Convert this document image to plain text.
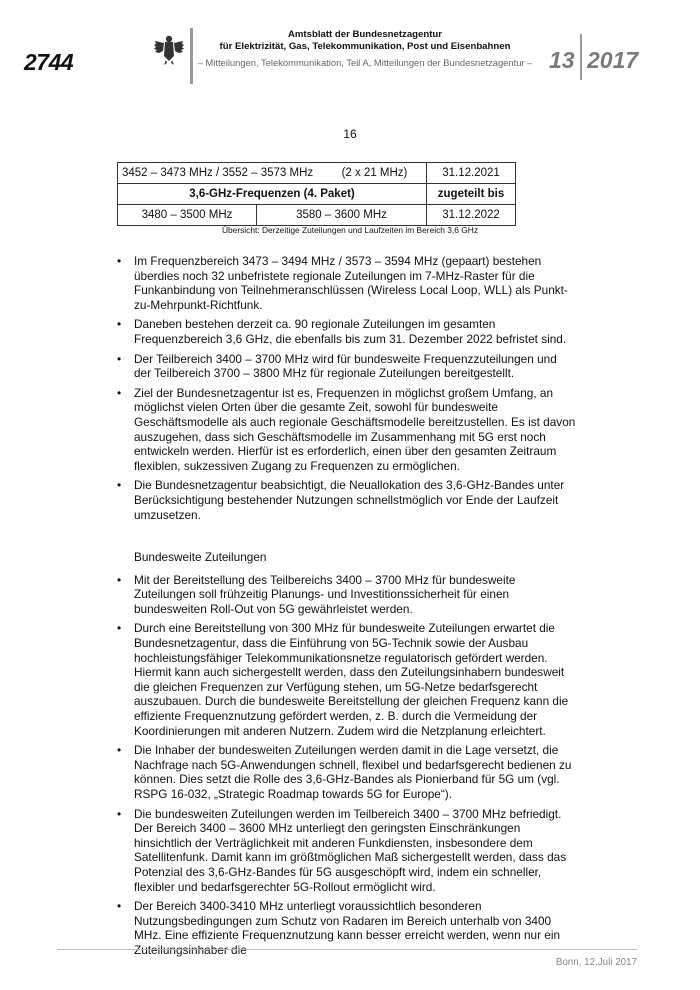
2744
Amtsblatt der Bundesnetzagentur
für Elektrizität, Gas, Telekommunikation, Post und Eisenbahnen
– Mitteilungen, Telekommunikation, Teil A, Mitteilungen der Bundesnetzagentur – 13 2017
16
3452 – 3473 MHz / 3552 – 3573 MHz (2 x 21 MHz)		31.12.2021
3,6-GHz-Frequenzen (4. Paket)		zugeteilt bis
3480 – 3500 MHz	3580 – 3600 MHz	31.12.2022
Übersicht: Derzeitige Zuteilungen und Laufzeiten im Bereich 3,6 GHz
• Im Frequenzbereich 3473 – 3494 MHz / 3573 – 3594 MHz (gepaart) bestehen überdies noch 32 unbefristete regionale Zuteilungen im 7-MHz-Raster für die Funkanbindung von Teilnehmeranschlüssen (Wireless Local Loop, WLL) als Punkt-zu-Mehrpunkt-Richtfunk.
• Daneben bestehen derzeit ca. 90 regionale Zuteilungen im gesamten Frequenzbereich 3,6 GHz, die ebenfalls bis zum 31. Dezember 2022 befristet sind.
• Der Teilbereich 3400 – 3700 MHz wird für bundesweite Frequenzzuteilungen und der Teilbereich 3700 – 3800 MHz für regionale Zuteilungen bereitgestellt.
• Ziel der Bundesnetzagentur ist es, Frequenzen in möglichst großem Umfang, an möglichst vielen Orten über die gesamte Zeit, sowohl für bundesweite Geschäftsmodelle als auch regionale Geschäftsmodelle bereitzustellen. Es ist davon auszugehen, dass sich Geschäftsmodelle im Zusammenhang mit 5G erst noch entwickeln werden. Hierfür ist es erforderlich, einen über den gesamten Zeitraum flexiblen, sukzessiven Zugang zu Frequenzen zu ermöglichen.
• Die Bundesnetzagentur beabsichtigt, die Neuallokation des 3,6-GHz-Bandes unter Berücksichtigung bestehender Nutzungen schnellstmöglich vor Ende der Laufzeit umzusetzen.
Bundesweite Zuteilungen
• Mit der Bereitstellung des Teilbereichs 3400 – 3700 MHz für bundesweite Zuteilungen soll frühzeitig Planungs- und Investitionssicherheit für einen bundesweiten Roll-Out von 5G gewährleistet werden.
• Durch eine Bereitstellung von 300 MHz für bundesweite Zuteilungen erwartet die Bundesnetzagentur, dass die Einführung von 5G-Technik sowie der Ausbau hochleistungsfähiger Telekommunikationsnetze regulatorisch gefördert werden. Hiermit kann auch sichergestellt werden, dass den Zuteilungsinhabern bundesweit die gleichen Frequenzen zur Verfügung stehen, um 5G-Netze bedarfsgerecht auszubauen. Durch die bundesweite Bereitstellung der gleichen Frequenz kann die effiziente Frequenznutzung gefördert werden, z. B. durch die Vermeidung der Koordinierungen mit anderen Nutzern. Zudem wird die Netzplanung erleichtert.
• Die Inhaber der bundesweiten Zuteilungen werden damit in die Lage versetzt, die Nachfrage nach 5G-Anwendungen schnell, flexibel und bedarfsgerecht bedienen zu können. Dies setzt die Rolle des 3,6-GHz-Bandes als Pionierband für 5G um (vgl. RSPG 16-032, „Strategic Roadmap towards 5G for Europe“).
• Die bundesweiten Zuteilungen werden im Teilbereich 3400 – 3700 MHz befriedigt. Der Bereich 3400 – 3600 MHz unterliegt den geringsten Einschränkungen hinsichtlich der Verträglichkeit mit anderen Funkdiensten, insbesondere dem Satellitenfunk. Damit kann im größtmöglichen Maß sichergestellt werden, dass das Potenzial des 3,6-GHz-Bandes für 5G ausgeschöpft wird, indem ein schneller, flexibler und bedarfsgerechter 5G-Rollout ermöglicht wird.
• Der Bereich 3400-3410 MHz unterliegt voraussichtlich besonderen Nutzungsbedingungen zum Schutz von Radaren im Bereich unterhalb von 3400 MHz. Eine effiziente Frequenznutzung kann besser erreicht werden, wenn nur ein
Bonn, 12.Juli 2017
